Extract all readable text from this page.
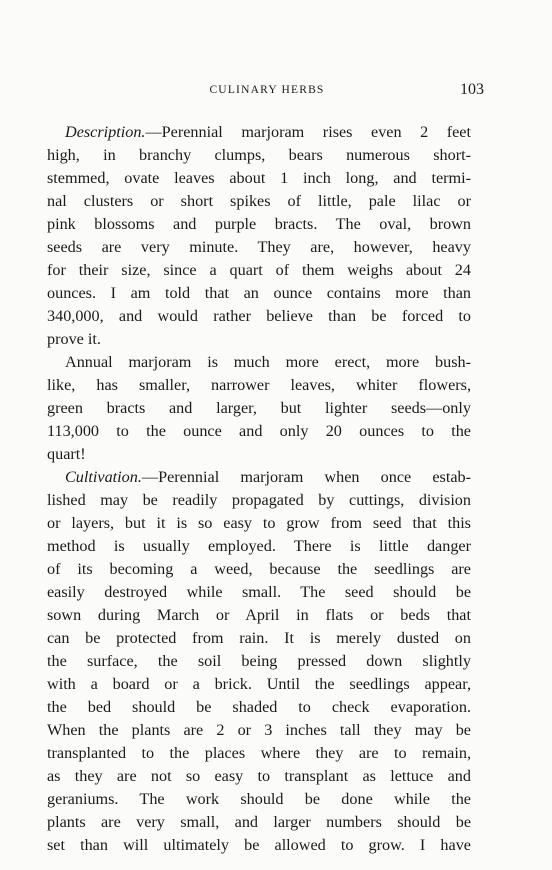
CULINARY HERBS	103
Description.—Perennial marjoram rises even 2 feet
high, in branchy clumps, bears numerous short-
stemmed, ovate leaves about 1 inch long, and termi-
nal clusters or short spikes of little, pale lilac or
pink blossoms and purple bracts. The oval, brown
seeds are very minute. They are, however, heavy
for their size, since a quart of them weighs about 24
ounces. I am told that an ounce contains more than
340,000, and would rather believe than be forced to
prove it.
Annual marjoram is much more erect, more bush-
like, has smaller, narrower leaves, whiter flowers,
green bracts and larger, but lighter seeds—only
113,000 to the ounce and only 20 ounces to the
quart!
Cultivation.—Perennial marjoram when once estab-
lished may be readily propagated by cuttings, division
or layers, but it is so easy to grow from seed that this
method is usually employed. There is little danger
of its becoming a weed, because the seedlings are
easily destroyed while small. The seed should be
sown during March or April in flats or beds that
can be protected from rain. It is merely dusted on
the surface, the soil being pressed down slightly
with a board or a brick. Until the seedlings appear,
the bed should be shaded to check evaporation.
When the plants are 2 or 3 inches tall they may be
transplanted to the places where they are to remain,
as they are not so easy to transplant as lettuce and
geraniums. The work should be done while the
plants are very small, and larger numbers should be
set than will ultimately be allowed to grow. I have
